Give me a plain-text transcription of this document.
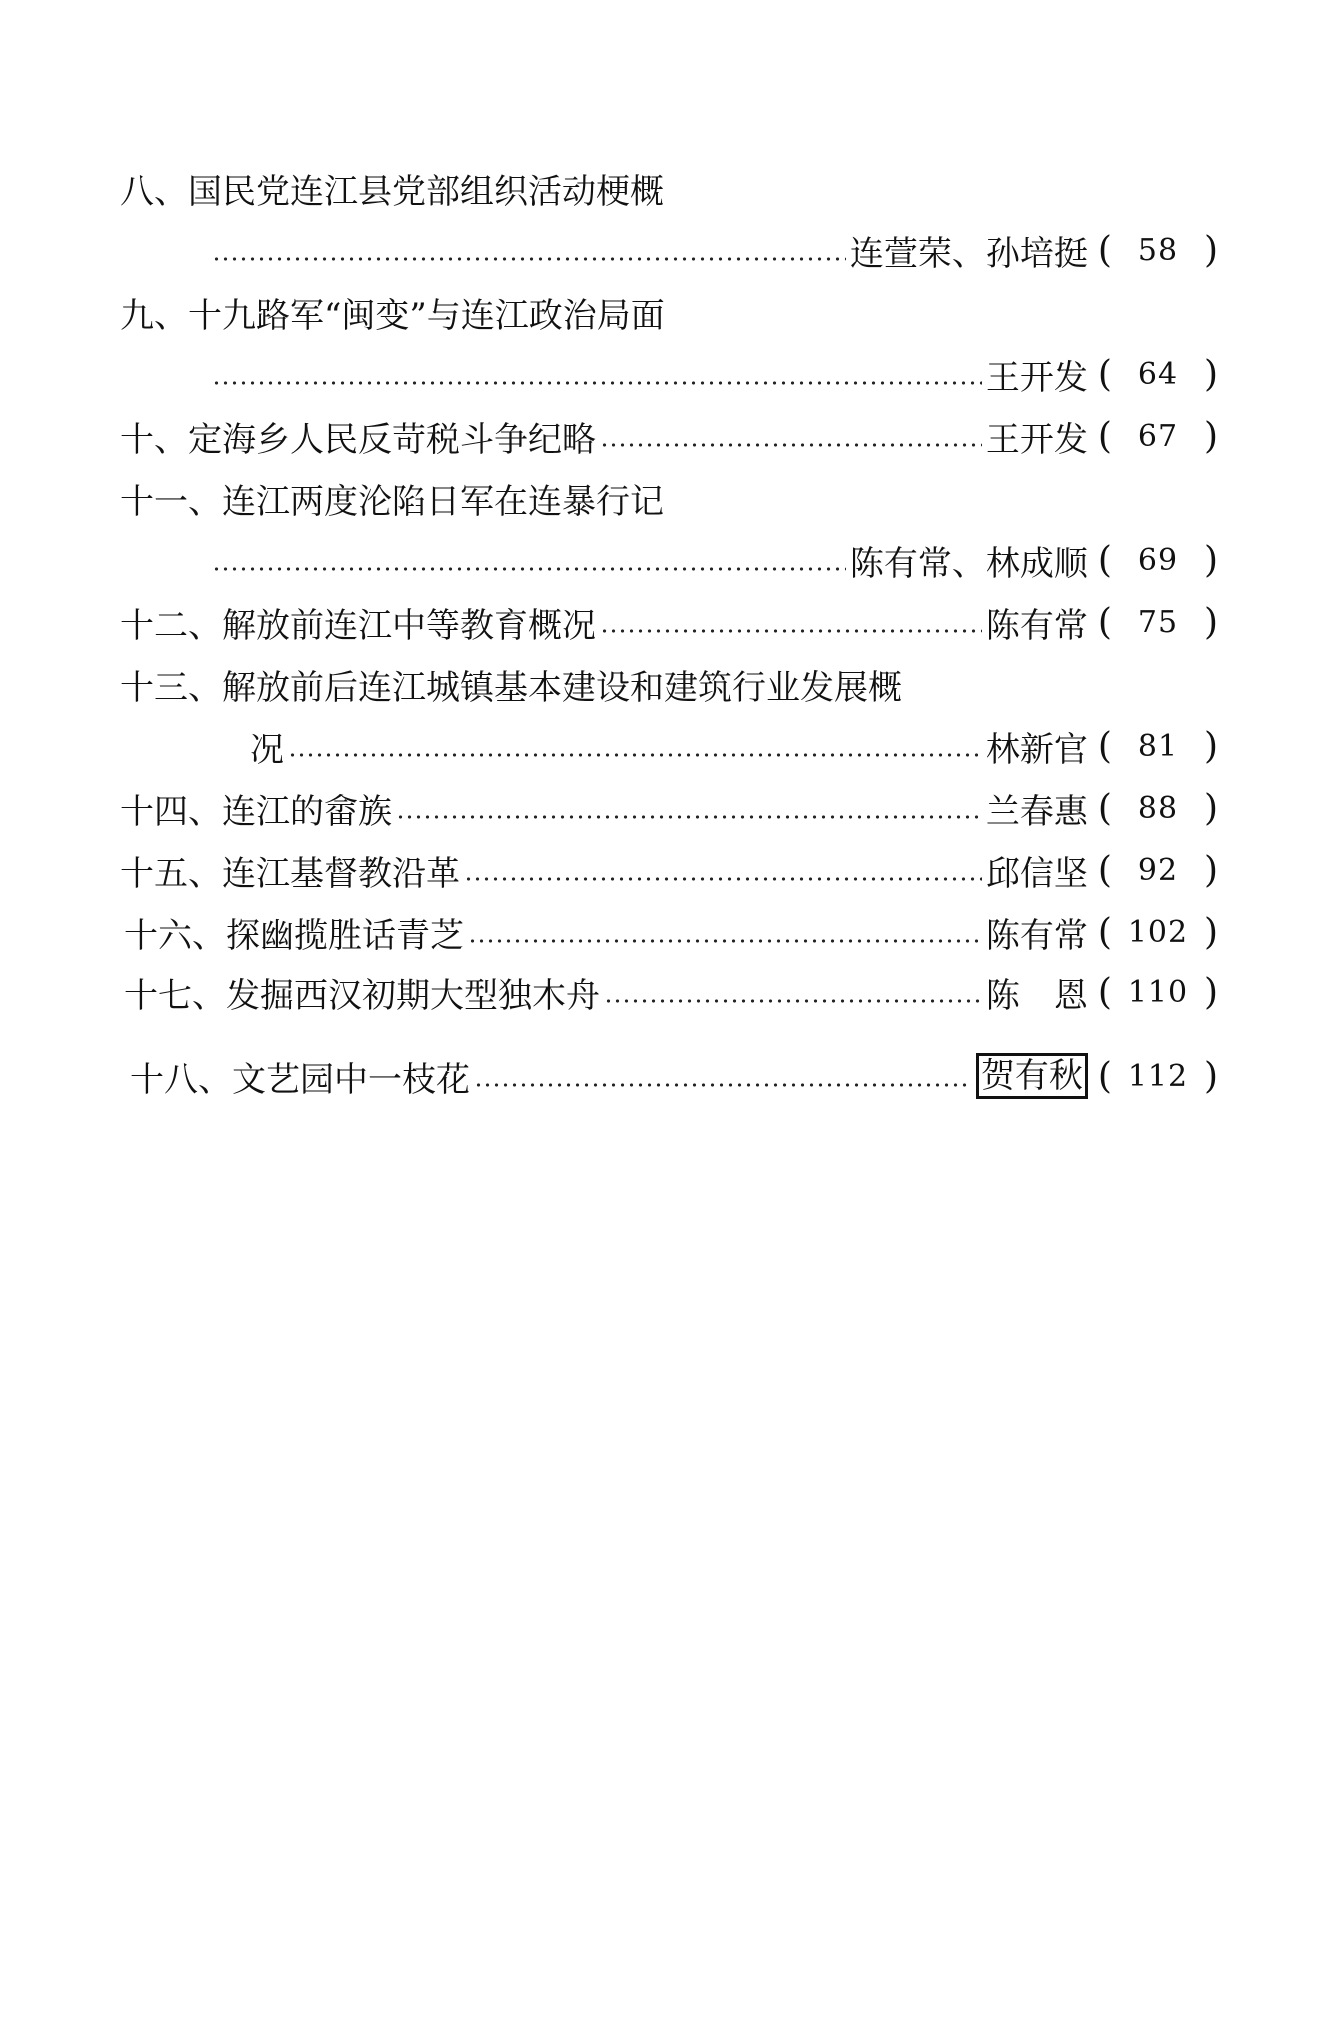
八、 国民党连江县党部组织活动梗概
连萱荣、孙培挺 ( 58 )
九、 十九路军“闽变”与连江政治局面
王开发 ( 64 )
十、 定海乡人民反苛税斗争纪略	王开发 ( 67 )
十一、 连江两度沦陷日军在连暴行记
陈有常、林成顺 ( 69 )
十二、 解放前连江中等教育概况	陈有常 ( 75 )
十三、 解放前后连江城镇基本建设和建筑行业发展概
况	林新官 ( 81 )
十四、 连江的畲族	兰春惠 ( 88 )
十五、 连江基督教沿革	邱信坚 ( 92 )
十六、 探幽揽胜话青芝	陈有常 ( 102 )
十七、 发掘西汉初期大型独木舟	陈　恩 ( 110 )
十八、 文艺园中一枝花	贺有秋 ( 112 )
